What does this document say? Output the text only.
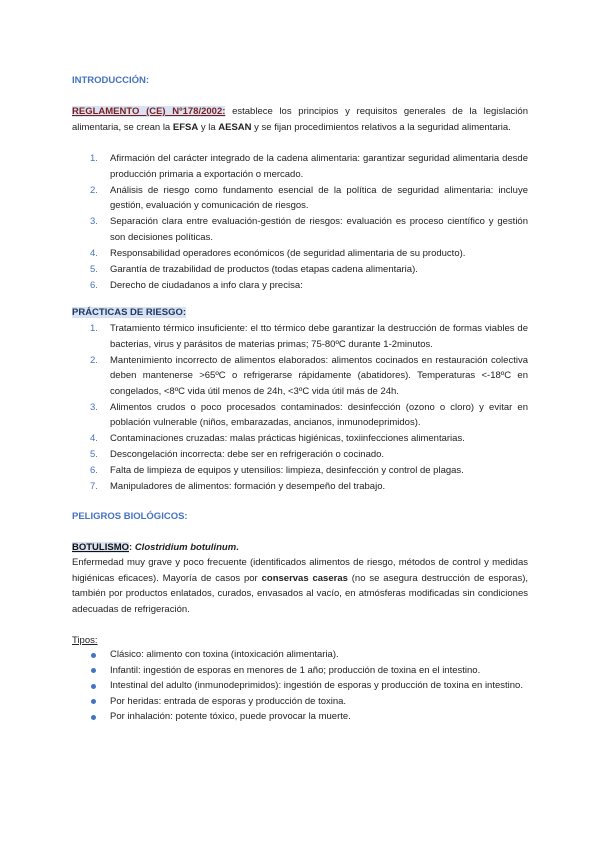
INTRODUCCIÓN:
REGLAMENTO (CE) Nº178/2002: establece los principios y requisitos generales de la legislación alimentaria, se crean la EFSA y la AESAN y se fijan procedimientos relativos a la seguridad alimentaria.
1. Afirmación del carácter integrado de la cadena alimentaria: garantizar seguridad alimentaria desde producción primaria a exportación o mercado.
2. Análisis de riesgo como fundamento esencial de la política de seguridad alimentaria: incluye gestión, evaluación y comunicación de riesgos.
3. Separación clara entre evaluación-gestión de riesgos: evaluación es proceso científico y gestión son decisiones políticas.
4. Responsabilidad operadores económicos (de seguridad alimentaria de su producto).
5. Garantía de trazabilidad de productos (todas etapas cadena alimentaria).
6. Derecho de ciudadanos a info clara y precisa:
PRÁCTICAS DE RIESGO:
1. Tratamiento térmico insuficiente: el tto térmico debe garantizar la destrucción de formas viables de bacterias, virus y parásitos de materias primas; 75-80ºC durante 1-2minutos.
2. Mantenimiento incorrecto de alimentos elaborados: alimentos cocinados en restauración colectiva deben mantenerse >65ºC o refrigerarse rápidamente (abatidores). Temperaturas <-18ºC en congelados, <8ºC vida útil menos de 24h, <3ºC vida útil más de 24h.
3. Alimentos crudos o poco procesados contaminados: desinfección (ozono o cloro) y evitar en población vulnerable (niños, embarazadas, ancianos, inmunodeprimidos).
4. Contaminaciones cruzadas: malas prácticas higiénicas, toxiinfecciones alimentarias.
5. Descongelación incorrecta: debe ser en refrigeración o cocinado.
6. Falta de limpieza de equipos y utensilios: limpieza, desinfección y control de plagas.
7. Manipuladores de alimentos: formación y desempeño del trabajo.
PELIGROS BIOLÓGICOS:
BOTULISMO: Clostridium botulinum.
Enfermedad muy grave y poco frecuente (identificados alimentos de riesgo, métodos de control y medidas higiénicas eficaces). Mayoría de casos por conservas caseras (no se asegura destrucción de esporas), también por productos enlatados, curados, envasados al vacío, en atmósferas modificadas sin condiciones adecuadas de refrigeración.
Tipos:
Clásico: alimento con toxina (intoxicación alimentaria).
Infantil: ingestión de esporas en menores de 1 año; producción de toxina en el intestino.
Intestinal del adulto (inmunodeprimidos): ingestión de esporas y producción de toxina en intestino.
Por heridas: entrada de esporas y producción de toxina.
Por inhalación: potente tóxico, puede provocar la muerte.
